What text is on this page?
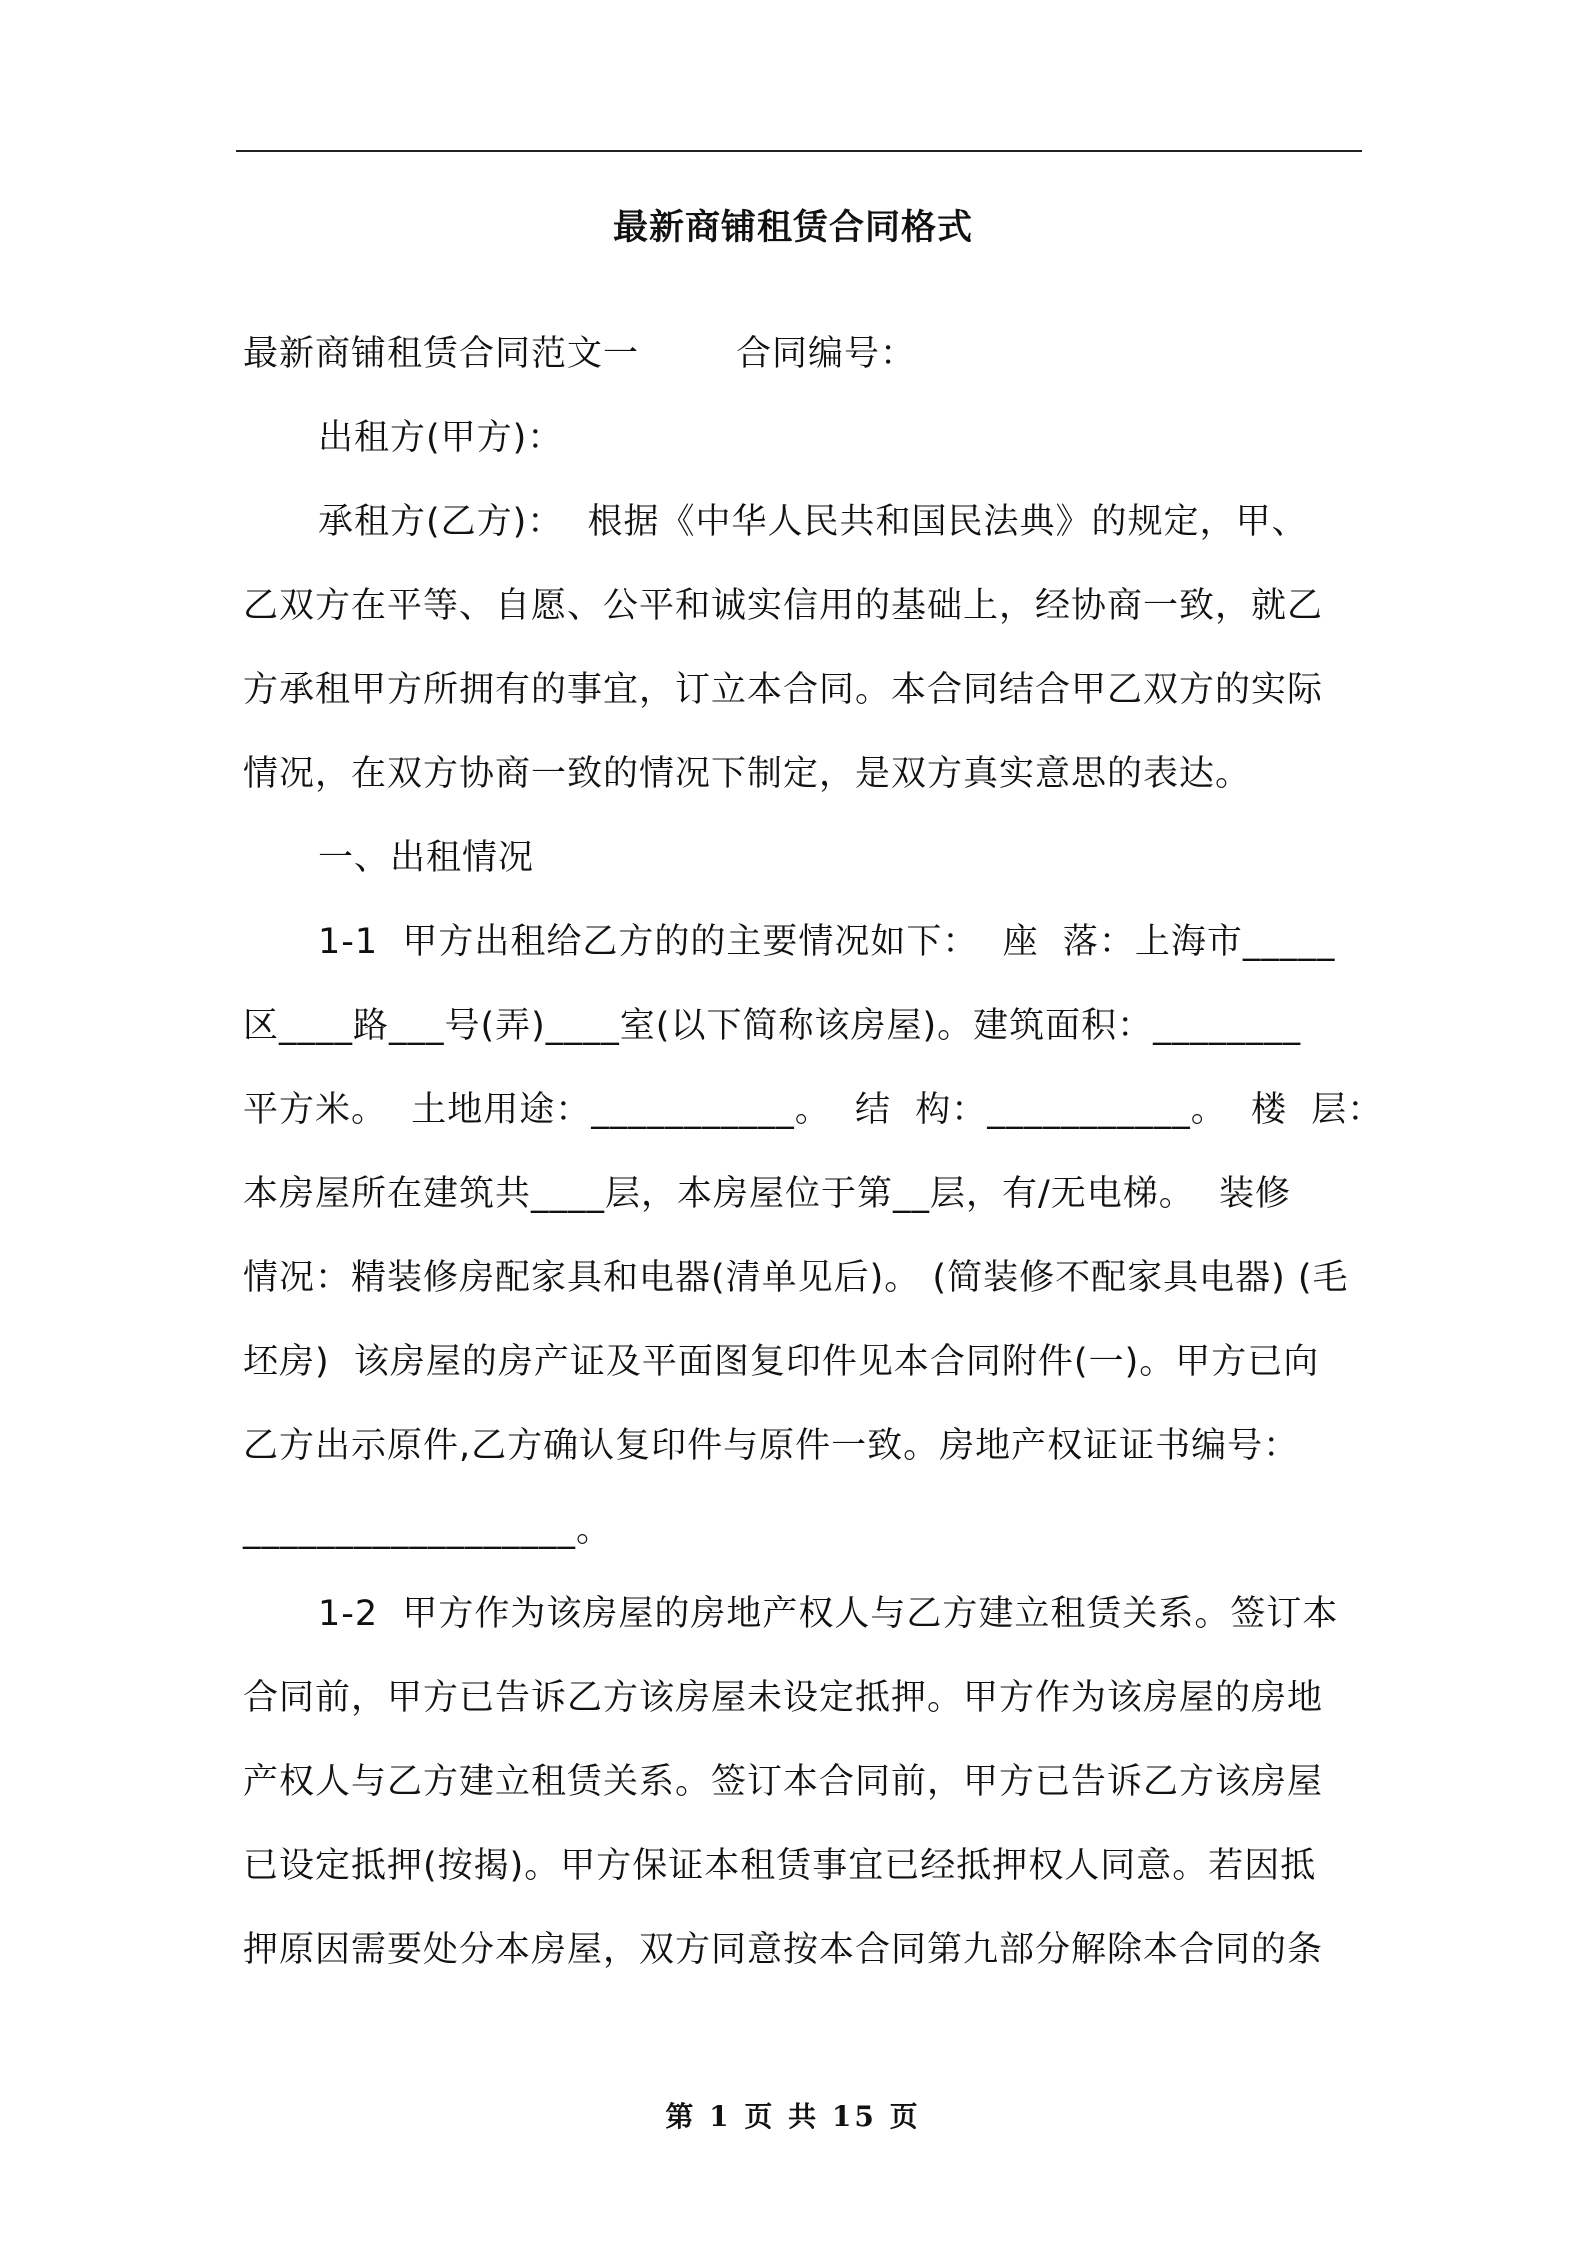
最新商铺租赁合同格式
最新商铺租赁合同范文一        合同编号：
出租方(甲方)：
承租方(乙方)：  根据《中华人民共和国民法典》的规定，甲、
乙双方在平等、自愿、公平和诚实信用的基础上，经协商一致，就乙
方承租甲方所拥有的事宜，订立本合同。本合同结合甲乙双方的实际
情况，在双方协商一致的情况下制定，是双方真实意思的表达。
一、出租情况
1-1  甲方出租给乙方的的主要情况如下：  座  落：上海市_____
区____路___号(弄)____室(以下简称该房屋)。建筑面积：________
平方米。  土地用途：___________。  结  构：___________。  楼  层：
本房屋所在建筑共____层，本房屋位于第__层，有/无电梯。  装修
情况：精装修房配家具和电器(清单见后)。 (简装修不配家具电器) (毛
坯房)  该房屋的房产证及平面图复印件见本合同附件(一)。甲方已向
乙方出示原件,乙方确认复印件与原件一致。房地产权证证书编号：
__________________。
1-2  甲方作为该房屋的房地产权人与乙方建立租赁关系。签订本
合同前，甲方已告诉乙方该房屋未设定抵押。甲方作为该房屋的房地
产权人与乙方建立租赁关系。签订本合同前，甲方已告诉乙方该房屋
已设定抵押(按揭)。甲方保证本租赁事宜已经抵押权人同意。若因抵
押原因需要处分本房屋，双方同意按本合同第九部分解除本合同的条
第 1 页 共 15 页
